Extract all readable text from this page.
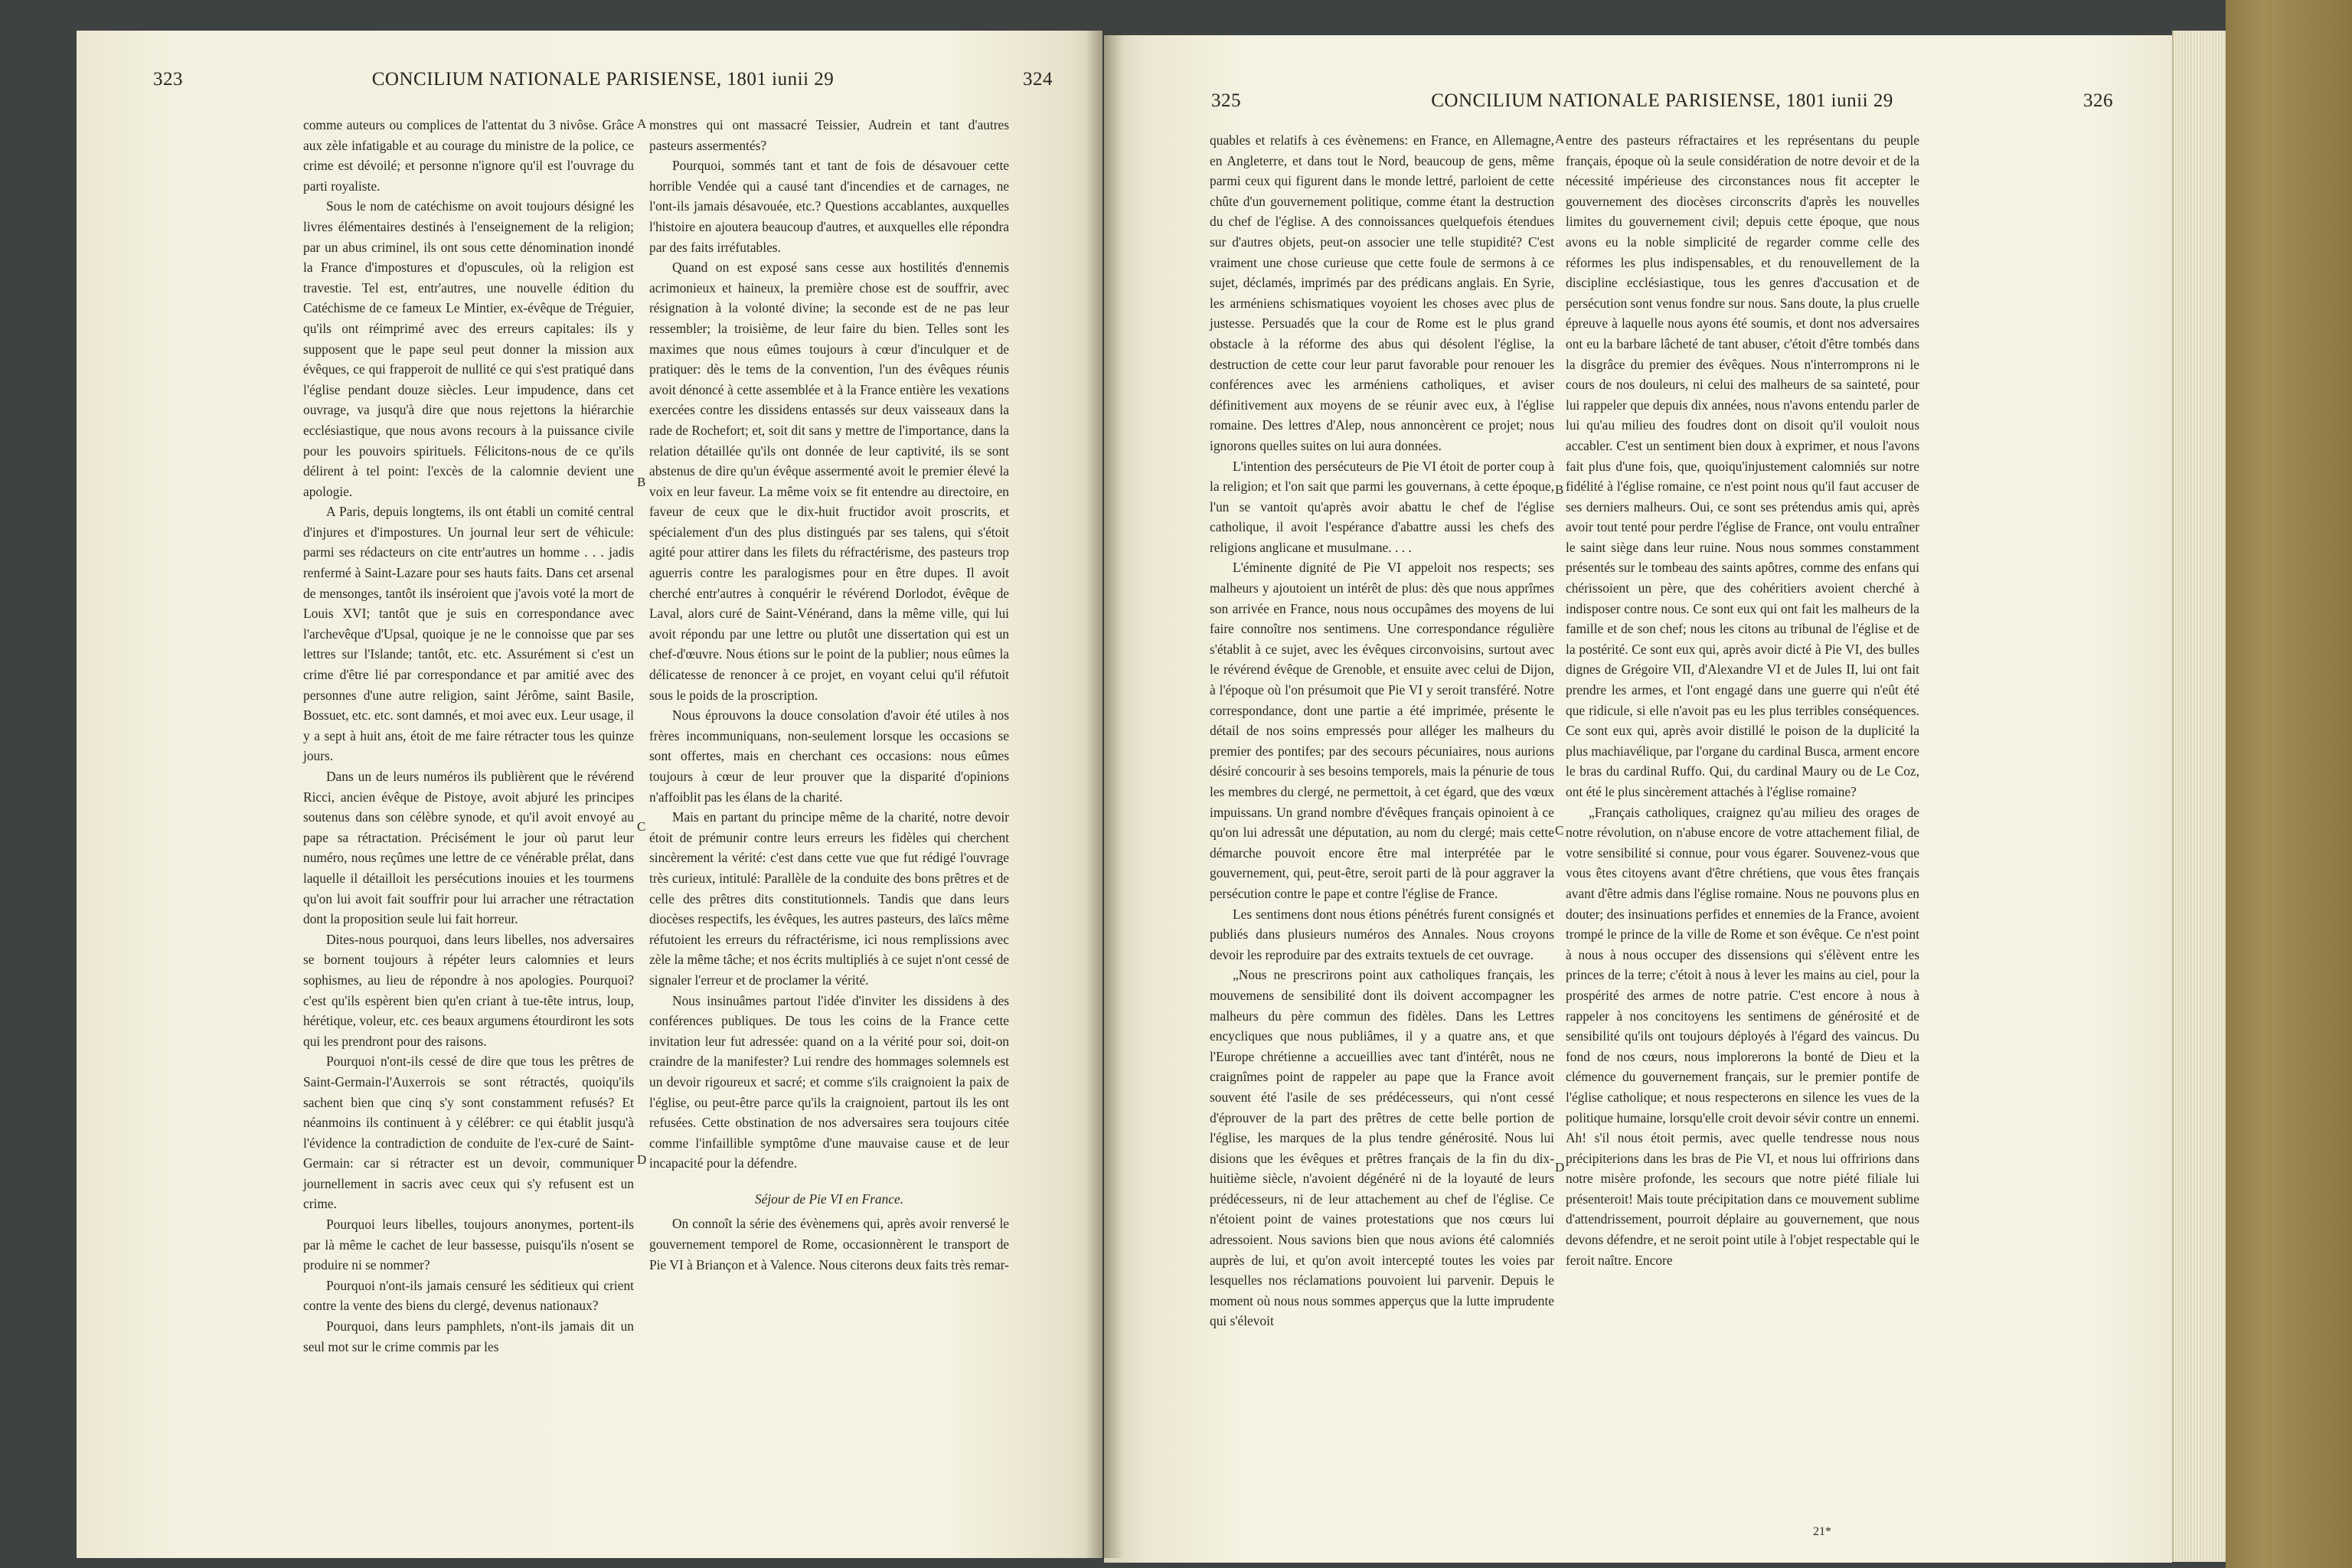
323	CONCILIUM NATIONALE PARISIENSE, 1801 iunii 29	324
325	CONCILIUM NATIONALE PARISIENSE, 1801 iunii 29	326

comme auteurs ou complices de l'attentat du 3 nivôse. Grâce aux zèle infatigable et au courage du ministre de la police, ce crime est dévoilé; et personne n'ignore qu'il est l'ouvrage du parti royaliste.

Sous le nom de catéchisme on avoit toujours désigné les livres élémentaires destinés à l'enseignement de la religion; par un abus criminel, ils ont sous cette dénomination inondé la France d'impostures et d'opuscules, où la religion est travestie. Tel est, entr'autres, une nouvelle édition du Catéchisme de ce fameux Le Mintier, ex-évêque de Tréguier, qu'ils ont réimprimé avec des erreurs capitales: ils y supposent que le pape seul peut donner la mission aux évêques, ce qui frapperoit de nullité ce qui s'est pratiqué dans l'église pendant douze siècles. Leur impudence, dans cet ouvrage, va jusqu'à dire que nous rejettons la hiérarchie ecclésiastique, que nous avons recours à la puissance civile pour les pouvoirs spirituels. Félicitons-nous de ce qu'ils délirent à tel point: l'excès de la calomnie devient une apologie.

A Paris, depuis longtems, ils ont établi un comité central d'injures et d'impostures. Un journal leur sert de véhicule: parmi ses rédacteurs on cite entr'autres un homme . . . jadis renfermé à Saint-Lazare pour ses hauts faits. Dans cet arsenal de mensonges, tantôt ils inséroient que j'avois voté la mort de Louis XVI; tantôt que je suis en correspondance avec l'archevêque d'Upsal, quoique je ne le connoisse que par ses lettres sur l'Islande; tantôt, etc. etc. Assurément si c'est un crime d'être lié par correspondance et par amitié avec des personnes d'une autre religion, saint Jérôme, saint Basile, Bossuet, etc. etc. sont damnés, et moi avec eux. Leur usage, il y a sept à huit ans, étoit de me faire rétracter tous les quinze jours.

Dans un de leurs numéros ils publièrent que le révérend Ricci, ancien évêque de Pistoye, avoit abjuré les principes soutenus dans son célèbre synode, et qu'il avoit envoyé au pape sa rétractation. Précisément le jour où parut leur numéro, nous reçûmes une lettre de ce vénérable prélat, dans laquelle il détailloit les persécutions inouies et les tourmens qu'on lui avoit fait souffrir pour lui arracher une rétractation dont la proposition seule lui fait horreur.

Dites-nous pourquoi, dans leurs libelles, nos adversaires se bornent toujours à répéter leurs calomnies et leurs sophismes, au lieu de répondre à nos apologies. Pourquoi? c'est qu'ils espèrent bien qu'en criant à tue-tête intrus, loup, hérétique, voleur, etc. ces beaux argumens étourdiront les sots qui les prendront pour des raisons.

Pourquoi n'ont-ils cessé de dire que tous les prêtres de Saint-Germain-l'Auxerrois se sont rétractés, quoiqu'ils sachent bien que cinq s'y sont constamment refusés? Et néanmoins ils continuent à y célébrer: ce qui établit jusqu'à l'évidence la contradiction de conduite de l'ex-curé de Saint-Germain: car si rétracter est un devoir, communiquer journellement in sacris avec ceux qui s'y refusent est un crime.

Pourquoi leurs libelles, toujours anonymes, portent-ils par là même le cachet de leur bassesse, puisqu'ils n'osent se produire ni se nommer?

Pourquoi n'ont-ils jamais censuré les séditieux qui crient contre la vente des biens du clergé, devenus nationaux?

Pourquoi, dans leurs pamphlets, n'ont-ils jamais dit un seul mot sur le crime commis par les

monstres qui ont massacré Teissier, Audrein et tant d'autres pasteurs assermentés?

Pourquoi, sommés tant et tant de fois de désavouer cette horrible Vendée qui a causé tant d'incendies et de carnages, ne l'ont-ils jamais désavouée, etc.? Questions accablantes, auxquelles l'histoire en ajoutera beaucoup d'autres, et auxquelles elle répondra par des faits irréfutables.

Quand on est exposé sans cesse aux hostilités d'ennemis acrimonieux et haineux, la première chose est de souffrir, avec résignation à la volonté divine; la seconde est de ne pas leur ressembler; la troisième, de leur faire du bien. Telles sont les maximes que nous eûmes toujours à cœur d'inculquer et de pratiquer: dès le tems de la convention, l'un des évêques réunis avoit dénoncé à cette assemblée et à la France entière les vexations exercées contre les dissidens entassés sur deux vaisseaux dans la rade de Rochefort; et, soit dit sans y mettre de l'importance, dans la relation détaillée qu'ils ont donnée de leur captivité, ils se sont abstenus de dire qu'un évêque assermenté avoit le premier élevé la voix en leur faveur. La même voix se fit entendre au directoire, en faveur de ceux que le dix-huit fructidor avoit proscrits, et spécialement d'un des plus distingués par ses talens, qui s'étoit agité pour attirer dans les filets du réfractérisme, des pasteurs trop aguerris contre les paralogismes pour en être dupes. Il avoit cherché entr'autres à conquérir le révérend Dorlodot, évêque de Laval, alors curé de Saint-Vénérand, dans la même ville, qui lui avoit répondu par une lettre ou plutôt une dissertation qui est un chef-d'œuvre. Nous étions sur le point de la publier; nous eûmes la délicatesse de renoncer à ce projet, en voyant celui qu'il réfutoit sous le poids de la proscription.

Nous éprouvons la douce consolation d'avoir été utiles à nos frères incommuniquans, non-seulement lorsque les occasions se sont offertes, mais en cherchant ces occasions: nous eûmes toujours à cœur de leur prouver que la disparité d'opinions n'affoiblit pas les élans de la charité.

Mais en partant du principe même de la charité, notre devoir étoit de prémunir contre leurs erreurs les fidèles qui cherchent sincèrement la vérité: c'est dans cette vue que fut rédigé l'ouvrage très curieux, intitulé: Parallèle de la conduite des bons prêtres et de celle des prêtres dits constitutionnels. Tandis que dans leurs diocèses respectifs, les évêques, les autres pasteurs, des laïcs même réfutoient les erreurs du réfractérisme, ici nous remplissions avec zèle la même tâche; et nos écrits multipliés à ce sujet n'ont cessé de signaler l'erreur et de proclamer la vérité.

Nous insinuâmes partout l'idée d'inviter les dissidens à des conférences publiques. De tous les coins de la France cette invitation leur fut adressée: quand on a la vérité pour soi, doit-on craindre de la manifester? Lui rendre des hommages solemnels est un devoir rigoureux et sacré; et comme s'ils craignoient la paix de l'église, ou peut-être parce qu'ils la craignoient, partout ils les ont refusées. Cette obstination de nos adversaires sera toujours citée comme l'infaillible symptôme d'une mauvaise cause et de leur incapacité pour la défendre.

Séjour de Pie VI en France.

On connoît la série des évènemens qui, après avoir renversé le gouvernement temporel de Rome, occasionnèrent le transport de Pie VI à Briançon et à Valence. Nous citerons deux faits très remar-

quables et relatifs à ces évènemens: en France, en Allemagne, en Angleterre, et dans tout le Nord, beaucoup de gens, même parmi ceux qui figurent dans le monde lettré, parloient de cette chûte d'un gouvernement politique, comme étant la destruction du chef de l'église. A des connoissances quelquefois étendues sur d'autres objets, peut-on associer une telle stupidité? C'est vraiment une chose curieuse que cette foule de sermons à ce sujet, déclamés, imprimés par des prédicans anglais. En Syrie, les arméniens schismatiques voyoient les choses avec plus de justesse. Persuadés que la cour de Rome est le plus grand obstacle à la réforme des abus qui désolent l'église, la destruction de cette cour leur parut favorable pour renouer les conférences avec les arméniens catholiques, et aviser définitivement aux moyens de se réunir avec eux, à l'église romaine. Des lettres d'Alep, nous annoncèrent ce projet; nous ignorons quelles suites on lui aura données.

L'intention des persécuteurs de Pie VI étoit de porter coup à la religion; et l'on sait que parmi les gouvernans, à cette époque, l'un se vantoit qu'après avoir abattu le chef de l'église catholique, il avoit l'espérance d'abattre aussi les chefs des religions anglicane et musulmane. . . .

L'éminente dignité de Pie VI appeloit nos respects; ses malheurs y ajoutoient un intérêt de plus: dès que nous apprîmes son arrivée en France, nous nous occupâmes des moyens de lui faire connoître nos sentimens. Une correspondance régulière s'établit à ce sujet, avec les évêques circonvoisins, surtout avec le révérend évêque de Grenoble, et ensuite avec celui de Dijon, à l'époque où l'on présumoit que Pie VI y seroit transféré. Notre correspondance, dont une partie a été imprimée, présente le détail de nos soins empressés pour alléger les malheurs du premier des pontifes; par des secours pécuniaires, nous aurions désiré concourir à ses besoins temporels, mais la pénurie de tous les membres du clergé, ne permettoit, à cet égard, que des vœux impuissans. Un grand nombre d'évêques français opinoient à ce qu'on lui adressât une députation, au nom du clergé; mais cette démarche pouvoit encore être mal interprétée par le gouvernement, qui, peut-être, seroit parti de là pour aggraver la persécution contre le pape et contre l'église de France.

Les sentimens dont nous étions pénétrés furent consignés et publiés dans plusieurs numéros des Annales. Nous croyons devoir les reproduire par des extraits textuels de cet ouvrage.

„Nous ne prescrirons point aux catholiques français, les mouvemens de sensibilité dont ils doivent accompagner les malheurs du père commun des fidèles. Dans les Lettres encycliques que nous publiâmes, il y a quatre ans, et que l'Europe chrétienne a accueillies avec tant d'intérêt, nous ne craignîmes point de rappeler au pape que la France avoit souvent été l'asile de ses prédécesseurs, qui n'ont cessé d'éprouver de la part des prêtres de cette belle portion de l'église, les marques de la plus tendre générosité. Nous lui disions que les évêques et prêtres français de la fin du dix-huitième siècle, n'avoient dégénéré ni de la loyauté de leurs prédécesseurs, ni de leur attachement au chef de l'église. Ce n'étoient point de vaines protestations que nos cœurs lui adressoient. Nous savions bien que nous avions été calomniés auprès de lui, et qu'on avoit intercepté toutes les voies par lesquelles nos réclamations pouvoient lui parvenir. Depuis le moment où nous nous sommes apperçus que la lutte imprudente qui s'élevoit

entre des pasteurs réfractaires et les représentans du peuple français, époque où la seule considération de notre devoir et de la nécessité impérieuse des circonstances nous fit accepter le gouvernement des diocèses circonscrits d'après les nouvelles limites du gouvernement civil; depuis cette époque, que nous avons eu la noble simplicité de regarder comme celle des réformes les plus indispensables, et du renouvellement de la discipline ecclésiastique, tous les genres d'accusation et de persécution sont venus fondre sur nous. Sans doute, la plus cruelle épreuve à laquelle nous ayons été soumis, et dont nos adversaires ont eu la barbare lâcheté de tant abuser, c'étoit d'être tombés dans la disgrâce du premier des évêques. Nous n'interromprons ni le cours de nos douleurs, ni celui des malheurs de sa sainteté, pour lui rappeler que depuis dix années, nous n'avons entendu parler de lui qu'au milieu des foudres dont on disoit qu'il vouloit nous accabler. C'est un sentiment bien doux à exprimer, et nous l'avons fait plus d'une fois, que, quoiqu'injustement calomniés sur notre fidélité à l'église romaine, ce n'est point nous qu'il faut accuser de ses derniers malheurs. Oui, ce sont ses prétendus amis qui, après avoir tout tenté pour perdre l'église de France, ont voulu entraîner le saint siège dans leur ruine. Nous nous sommes constamment présentés sur le tombeau des saints apôtres, comme des enfans qui chérissoient un père, que des cohéritiers avoient cherché à indisposer contre nous. Ce sont eux qui ont fait les malheurs de la famille et de son chef; nous les citons au tribunal de l'église et de la postérité. Ce sont eux qui, après avoir dicté à Pie VI, des bulles dignes de Grégoire VII, d'Alexandre VI et de Jules II, lui ont fait prendre les armes, et l'ont engagé dans une guerre qui n'eût été que ridicule, si elle n'avoit pas eu les plus terribles conséquences. Ce sont eux qui, après avoir distillé le poison de la duplicité la plus machiavélique, par l'organe du cardinal Busca, arment encore le bras du cardinal Ruffo. Qui, du cardinal Maury ou de Le Coz, ont été le plus sincèrement attachés à l'église romaine?

„Français catholiques, craignez qu'au milieu des orages de notre révolution, on n'abuse encore de votre attachement filial, de votre sensibilité si connue, pour vous égarer. Souvenez-vous que vous êtes citoyens avant d'être chrétiens, que vous êtes français avant d'être admis dans l'église romaine. Nous ne pouvons plus en douter; des insinuations perfides et ennemies de la France, avoient trompé le prince de la ville de Rome et son évêque. Ce n'est point à nous à nous occuper des dissensions qui s'élèvent entre les princes de la terre; c'étoit à nous à lever les mains au ciel, pour la prospérité des armes de notre patrie. C'est encore à nous à rappeler à nos concitoyens les sentimens de générosité et de sensibilité qu'ils ont toujours déployés à l'égard des vaincus. Du fond de nos cœurs, nous implorerons la bonté de Dieu et la clémence du gouvernement français, sur le premier pontife de l'église catholique; et nous respecterons en silence les vues de la politique humaine, lorsqu'elle croit devoir sévir contre un ennemi. Ah! s'il nous étoit permis, avec quelle tendresse nous nous précipiterions dans les bras de Pie VI, et nous lui offririons dans notre misère profonde, les secours que notre piété filiale lui présenteroit! Mais toute précipitation dans ce mouvement sublime d'attendrissement, pourroit déplaire au gouvernement, que nous devons défendre, et ne seroit point utile à l'objet respectable qui le feroit naître. Encore

A
B
C
D
A
B
C
D
21*
